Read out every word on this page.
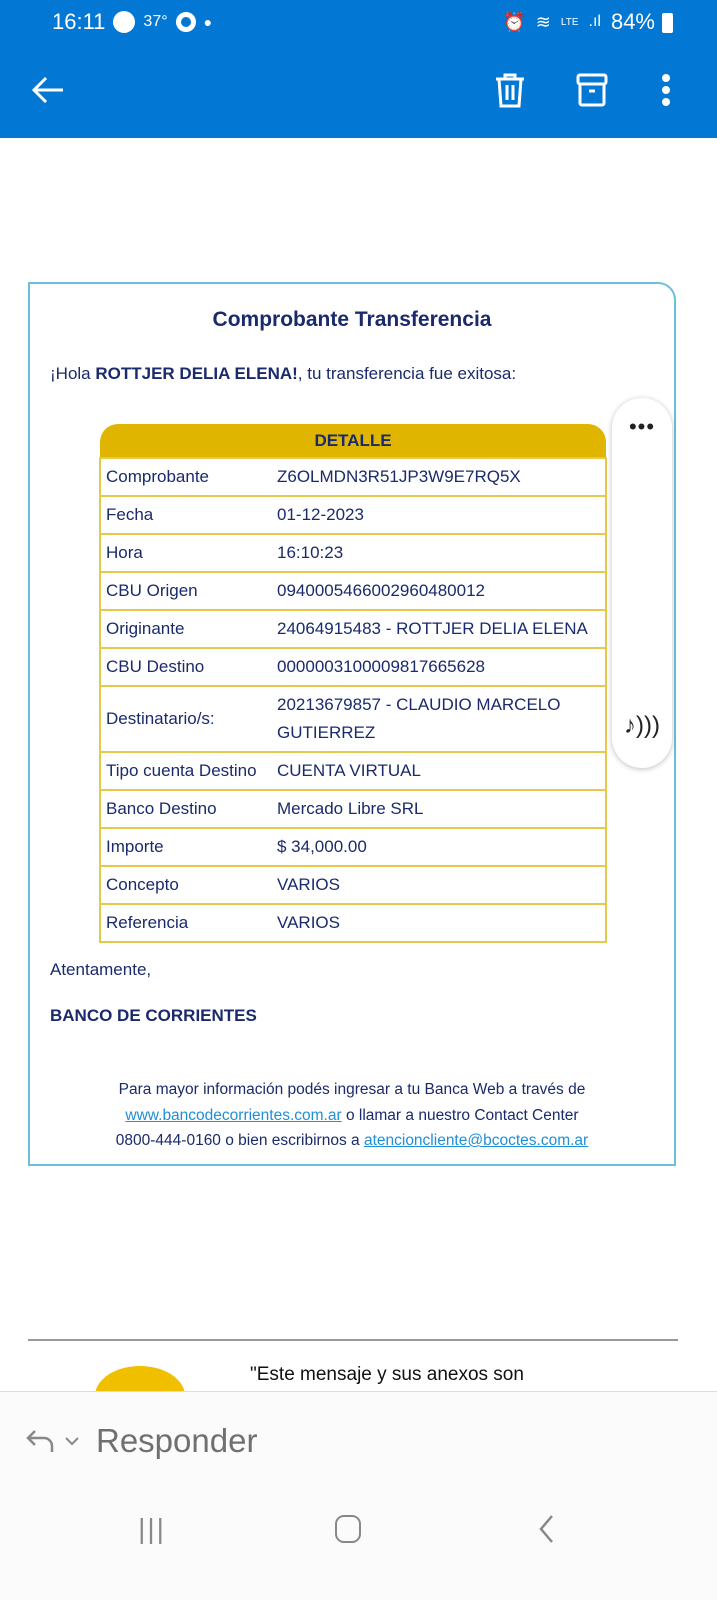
16:11 37°	●	⏰ ≋ LTE .ıl 84%
Comprobante Transferencia
¡Hola ROTTJER DELIA ELENA!, tu transferencia fue exitosa:
DETALLE	
Comprobante	Z6OLMDN3R51JP3W9E7RQ5X
Fecha	01-12-2023
Hora	16:10:23
CBU Origen	0940005466002960480012
Originante	24064915483 - ROTTJER DELIA ELENA
CBU Destino	0000003100009817665628
Destinatario/s:	20213679857 - CLAUDIO MARCELO GUTIERREZ
Tipo cuenta Destino	CUENTA VIRTUAL
Banco Destino	Mercado Libre SRL
Importe	$ 34,000.00
Concepto	VARIOS
Referencia	VARIOS
Atentamente,
BANCO DE CORRIENTES
Para mayor información podés ingresar a tu Banca Web a través de
www.bancodecorrientes.com.ar o llamar a nuestro Contact Center
0800-444-0160 o bien escribirnos a atencioncliente@bcoctes.com.ar
•••
♪)))
"Este mensaje y sus anexos son
Responder
|||
